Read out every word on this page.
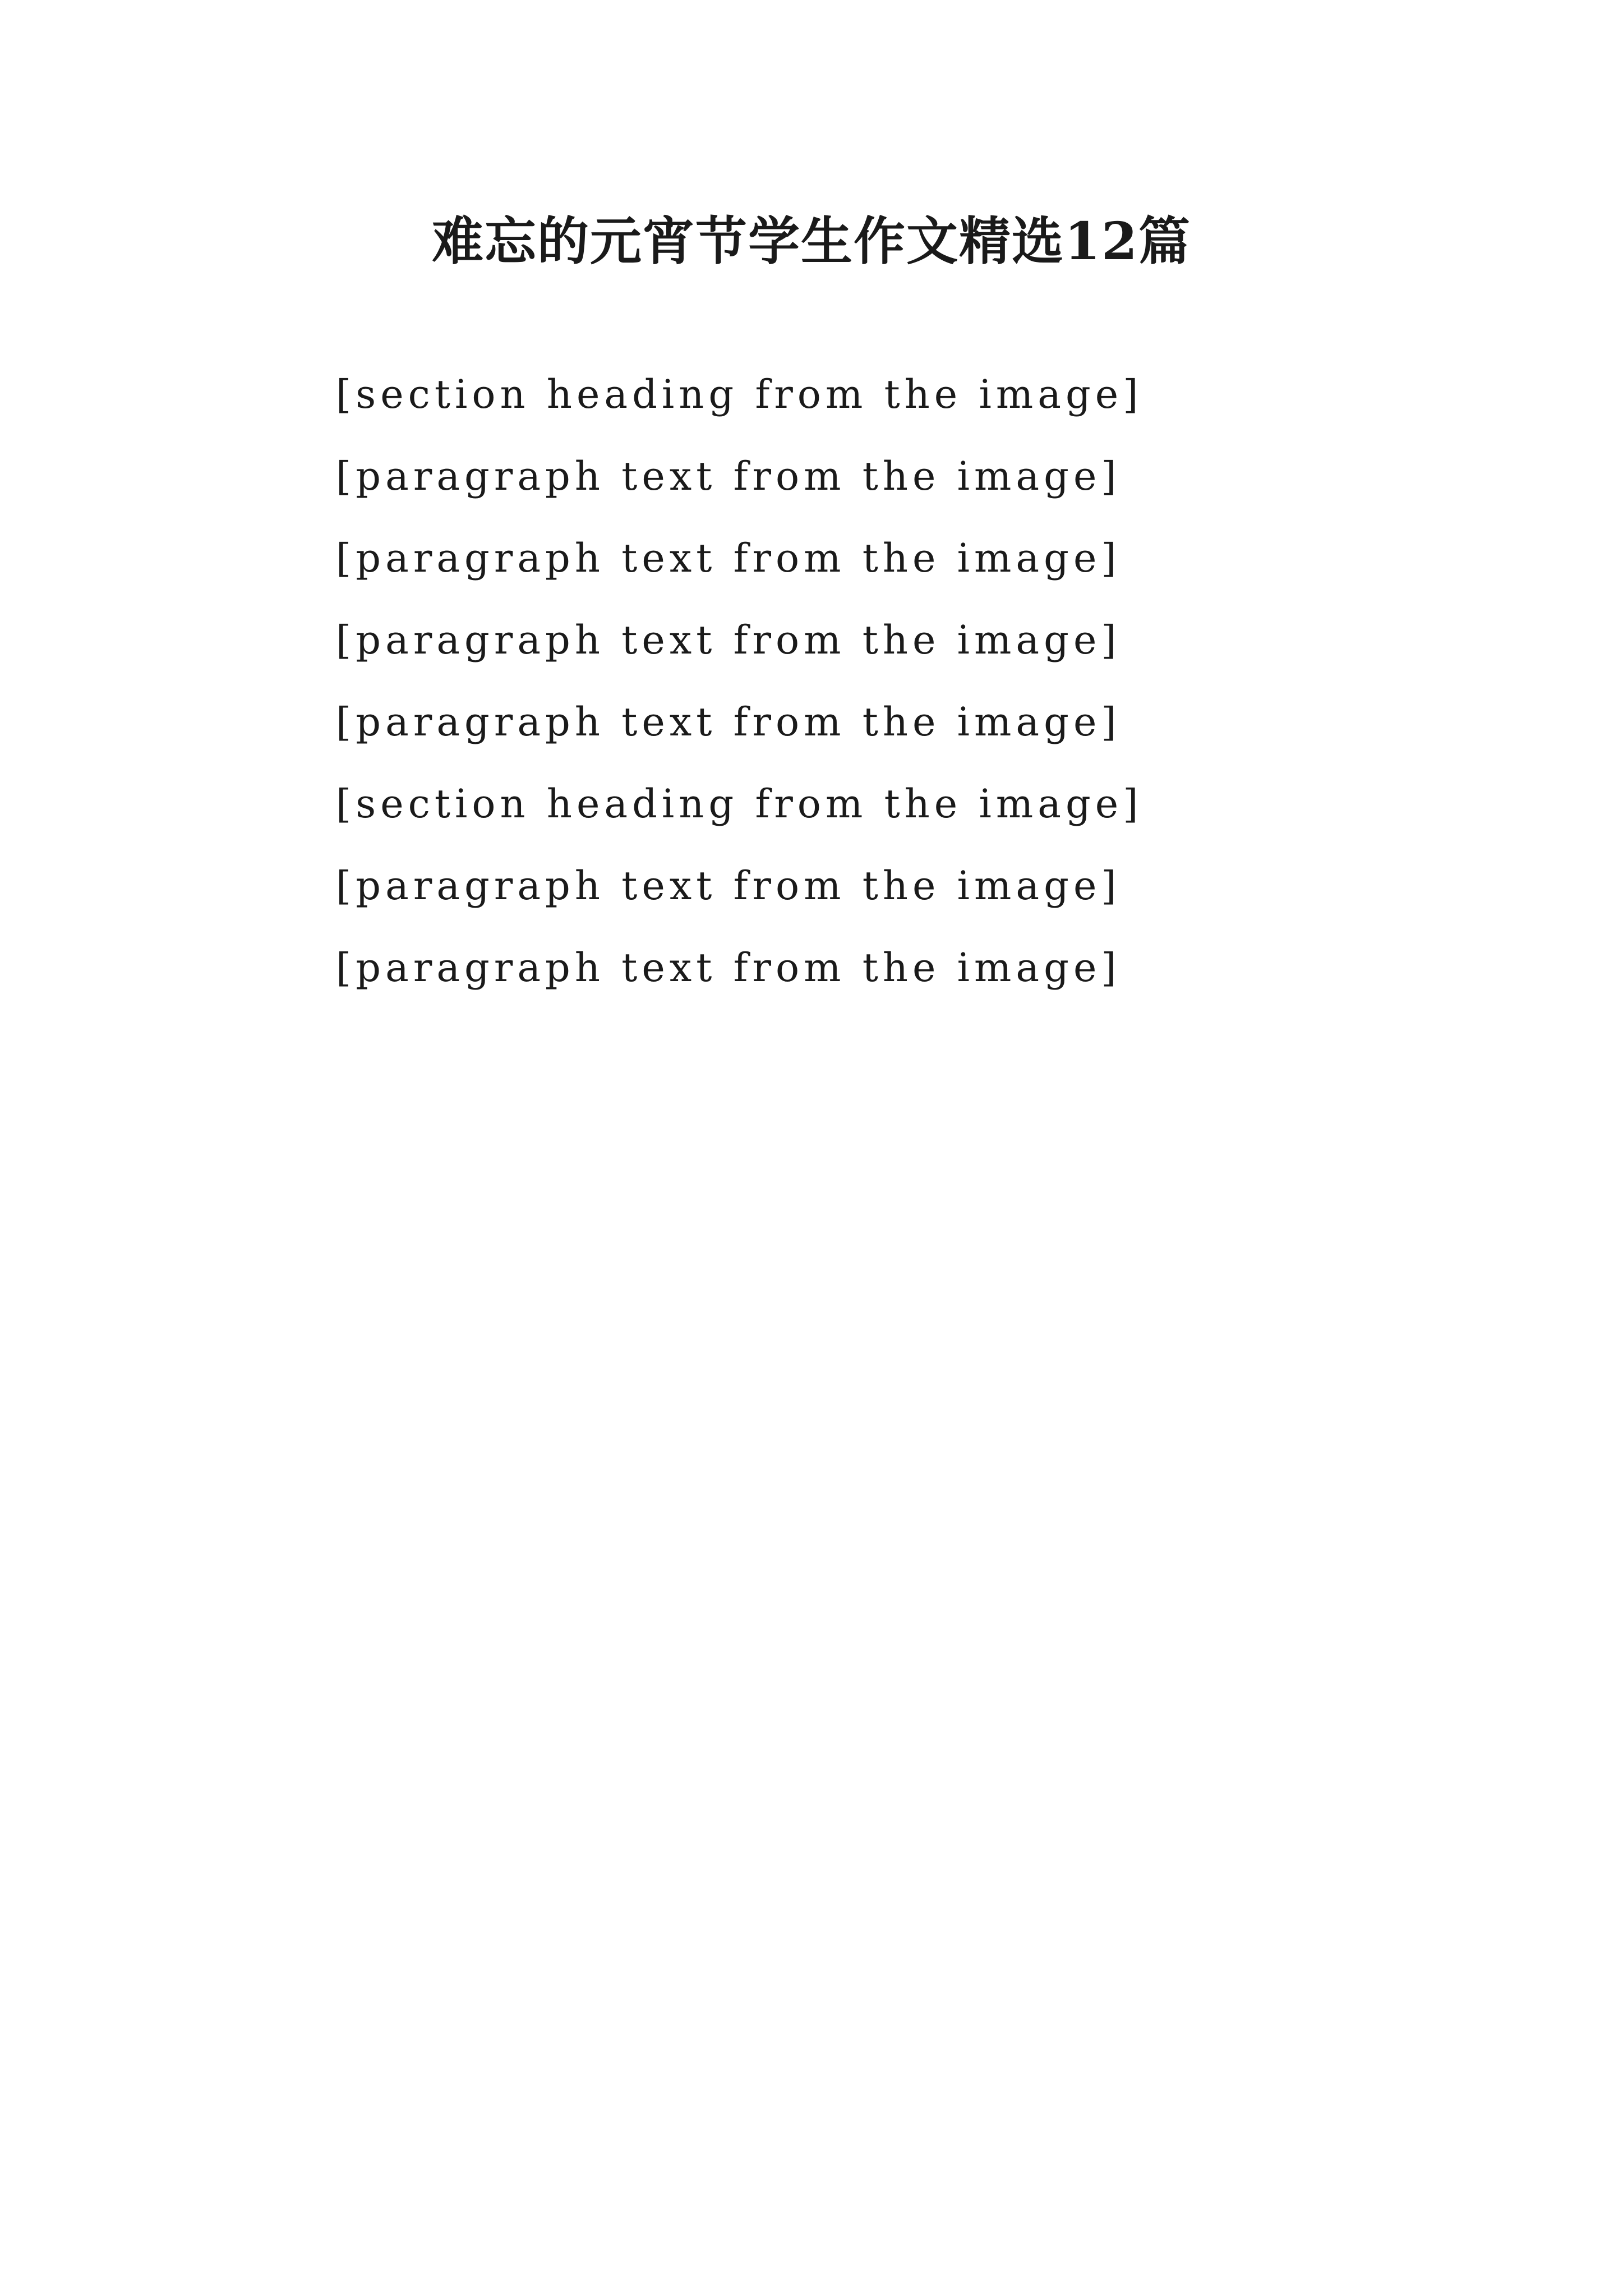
难忘的元宵节学生作文精选12篇

[section heading from the image]

[paragraph text from the image]

[paragraph text from the image]

[paragraph text from the image]

[paragraph text from the image]

[section heading from the image]

[paragraph text from the image]

[paragraph text from the image]
